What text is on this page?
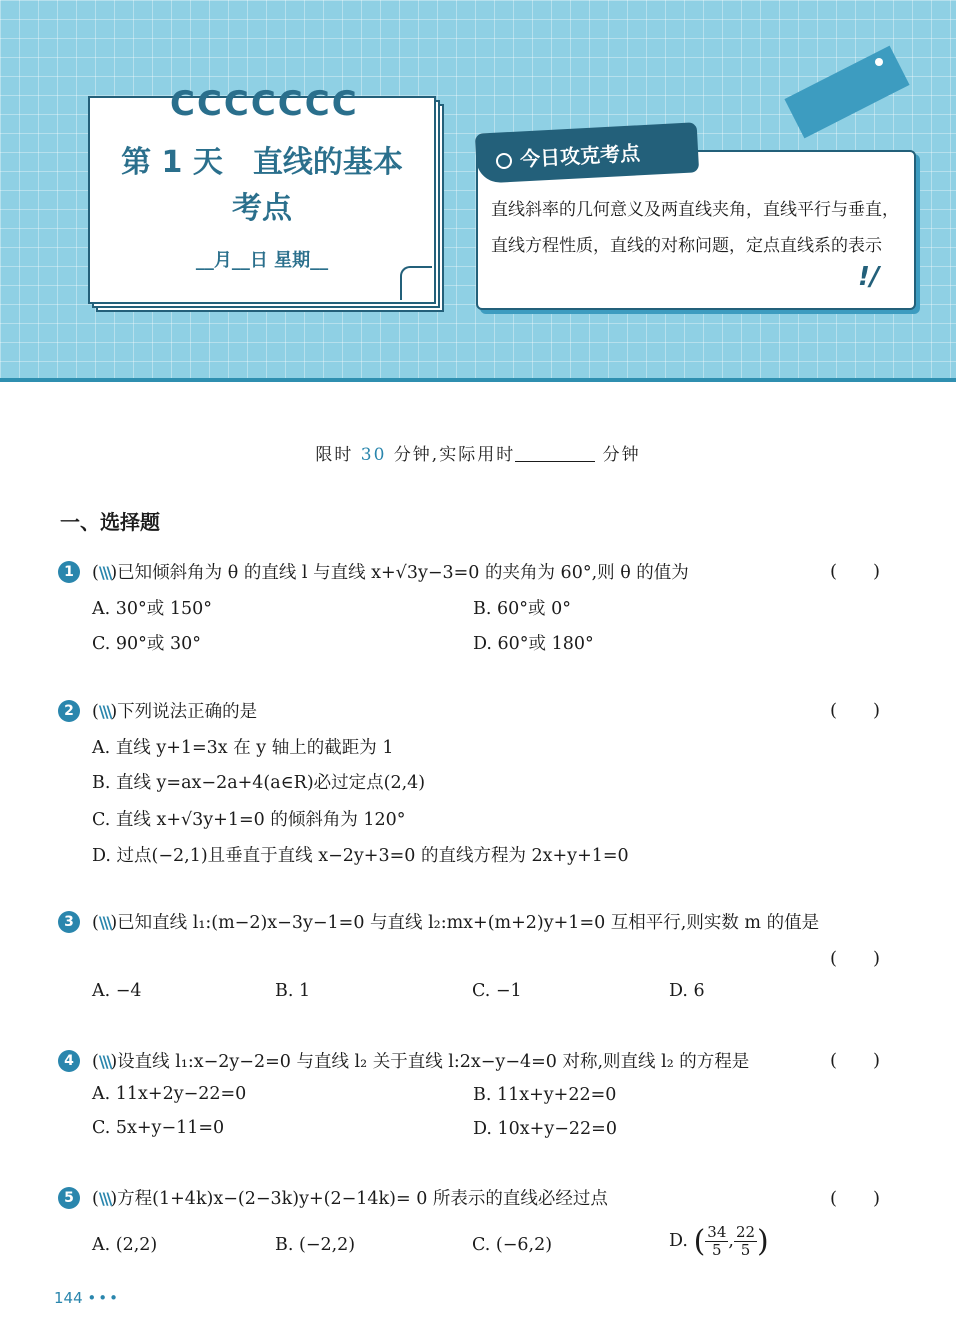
CCCCCCC
第 1 天　直线的基本
考点
__月__日 星期__
今日攻克考点
直线斜率的几何意义及两直线夹角，直线平行与垂直，直线方程性质，直线的对称问题，定点直线系的表示
!/
限时 30 分钟,实际用时	分钟
一、选择题
1	(\\\)已知倾斜角为 θ 的直线 l 与直线 x+√3y−3=0 的夹角为 60°,则 θ 的值为	()
A. 30°或 150°	B. 60°或 0°
C. 90°或 30°	D. 60°或 180°
2	(\\\)下列说法正确的是	()
A. 直线 y+1=3x 在 y 轴上的截距为 1
B. 直线 y=ax−2a+4(a∈R)必过定点(2,4)
C. 直线 x+√3y+1=0 的倾斜角为 120°
D. 过点(−2,1)且垂直于直线 x−2y+3=0 的直线方程为 2x+y+1=0
3	(\\\)已知直线 l₁:(m−2)x−3y−1=0 与直线 l₂:mx+(m+2)y+1=0 互相平行,则实数 m 的值是
()
A. −4	B. 1	C. −1	D. 6
4	(\\\)设直线 l₁:x−2y−2=0 与直线 l₂ 关于直线 l:2x−y−4=0 对称,则直线 l₂ 的方程是	()
A. 11x+2y−22=0	B. 11x+y+22=0
C. 5x+y−11=0	D. 10x+y−22=0
5	(\\\)方程(1+4k)x−(2−3k)y+(2−14k)= 0 所表示的直线必经过点	()
A. (2,2)	B. (−2,2)	C. (−6,2)	D. ( $\frac{34}{5}$, $\frac{22}{5}$)
144 •••
